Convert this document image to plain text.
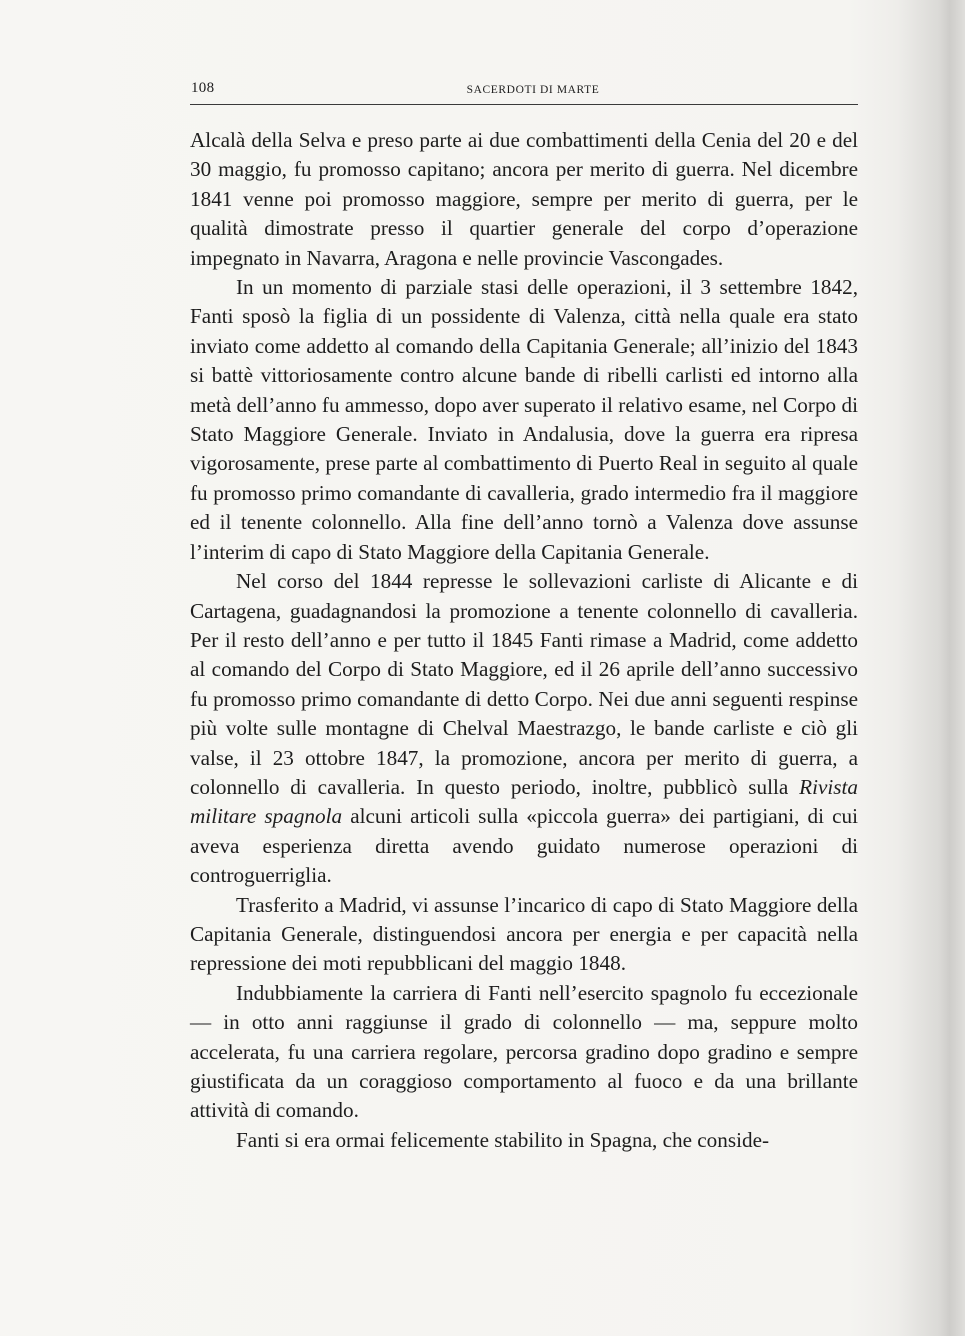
108	SACERDOTI DI MARTE

Alcalà della Selva e preso parte ai due combattimenti della Cenia del 20 e del 30 maggio, fu promosso capitano; ancora per merito di guerra. Nel dicembre 1841 venne poi promosso maggiore, sempre per merito di guerra, per le qualità dimostrate presso il quartier generale del corpo d’operazione impegnato in Navarra, Aragona e nelle provincie Vascongades.

In un momento di parziale stasi delle operazioni, il 3 settembre 1842, Fanti sposò la figlia di un possidente di Valenza, città nella quale era stato inviato come addetto al comando della Capitania Generale; all’inizio del 1843 si battè vittoriosamente contro alcune bande di ribelli carlisti ed intorno alla metà dell’anno fu ammesso, dopo aver superato il relativo esame, nel Corpo di Stato Maggiore Generale. Inviato in Andalusia, dove la guerra era ripresa vigorosamente, prese parte al combattimento di Puerto Real in seguito al quale fu promosso primo comandante di cavalleria, grado intermedio fra il maggiore ed il tenente colonnello. Alla fine dell’anno tornò a Valenza dove assunse l’interim di capo di Stato Maggiore della Capitania Generale.

Nel corso del 1844 represse le sollevazioni carliste di Alicante e di Cartagena, guadagnandosi la promozione a tenente colonnello di cavalleria. Per il resto dell’anno e per tutto il 1845 Fanti rimase a Madrid, come addetto al comando del Corpo di Stato Maggiore, ed il 26 aprile dell’anno successivo fu promosso primo comandante di detto Corpo. Nei due anni seguenti respinse più volte sulle montagne di Chelval Maestrazgo, le bande carliste e ciò gli valse, il 23 ottobre 1847, la promozione, ancora per merito di guerra, a colonnello di cavalleria. In questo periodo, inoltre, pubblicò sulla Rivista militare spagnola alcuni articoli sulla «piccola guerra» dei partigiani, di cui aveva esperienza diretta avendo guidato numerose operazioni di controguerriglia.

Trasferito a Madrid, vi assunse l’incarico di capo di Stato Maggiore della Capitania Generale, distinguendosi ancora per energia e per capacità nella repressione dei moti repubblicani del maggio 1848.

Indubbiamente la carriera di Fanti nell’esercito spagnolo fu eccezionale — in otto anni raggiunse il grado di colonnello — ma, seppure molto accelerata, fu una carriera regolare, percorsa gradino dopo gradino e sempre giustificata da un coraggioso comportamento al fuoco e da una brillante attività di comando.

Fanti si era ormai felicemente stabilito in Spagna, che conside-
